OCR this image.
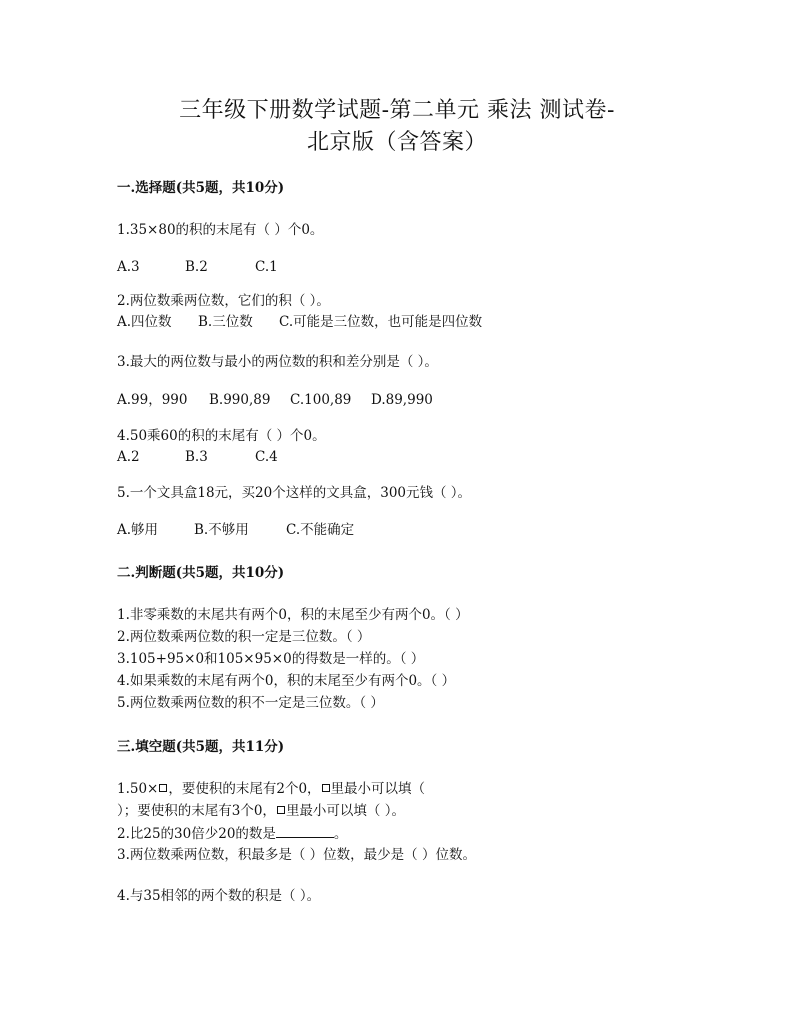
三年级下册数学试题-第二单元 乘法 测试卷-
北京版（含答案）
一.选择题(共5题，共10分)
1.35×80的积的末尾有（ ）个0。
A.3	B.2	C.1
2.两位数乘两位数，它们的积（ ）。
A.四位数 B.三位数 C.可能是三位数，也可能是四位数
3.最大的两位数与最小的两位数的积和差分别是（ ）。
A.99，990 B.990,89 C.100,89 D.89,990
4.50乘60的积的末尾有（ ）个0。
A.2	B.3	C.4
5.一个文具盒18元，买20个这样的文具盒，300元钱（ ）。
A.够用	B.不够用	C.不能确定
二.判断题(共5题，共10分)
1.非零乘数的末尾共有两个0，积的末尾至少有两个0。（ ）
2.两位数乘两位数的积一定是三位数。（ ）
3.105+95×0和105×95×0的得数是一样的。（ ）
4.如果乘数的末尾有两个0，积的末尾至少有两个0。（ ）
5.两位数乘两位数的积不一定是三位数。（ ）
三.填空题(共5题，共11分)
1.50× ，要使积的末尾有2个0， 里最小可以填（
）；要使积的末尾有3个0， 里最小可以填（ ）。
2.比25的30倍少20的数是	。
3.两位数乘两位数，积最多是（ ）位数，最少是（ ）位数。
4.与35相邻的两个数的积是（ ）。
